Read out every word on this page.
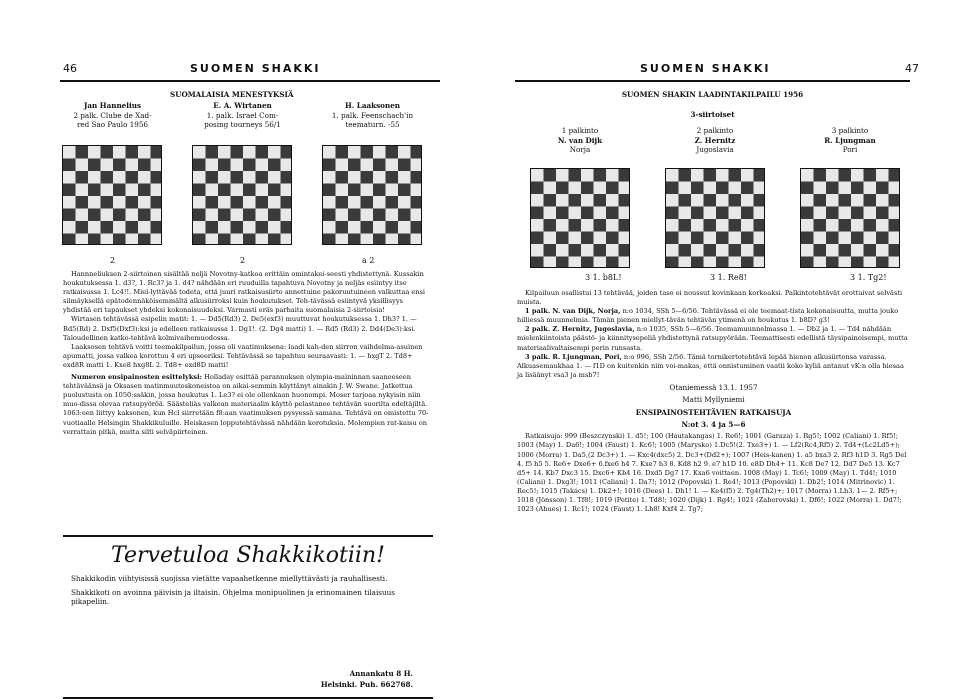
46	SUOMEN SHAKKI	SUOMEN SHAKKI	47
SUOMALAISIA MENESTYKSIÄ

Jan Hannelius

2 palk. Clube de Xad-

red Sao Paulo 1956

E. A. Wirtanen

1. palk. Israel Com-

posing tourneys 56/1

H. Laaksonen

1. palk. Feenschach'in

teematurn. -55

2	2	a 2

Hannneliuksen 2-siirtoinen sisältää neljä Novotny-katkoa erittäin omintakei-seesti yhdistettynä. Kussakin houkutuksessa 1. d3?, 1. Rc3? ja 1. d4? nähdään eri ruuduilla tapahtuva Novotny ja neljäs esiintyy itse ratkaisussa 1. Lc4!!. Miel-lyttävää todeta, että juuri ratkaisusiirto annettuine pakoruutuineen valkuttaa ensi silmäyksellä epätodennäköisemmältä alkusiirroksi kuin houkutukset. Teh-tävässä esiintyvä yksillisyys yhdistää eri tapaukset yhdeksi kokonaisuudeksi. Varmasti eräs parhaita suomalaisia 2-siirtoisia!

Wirtasen tehtävässä esipelin matit: 1. — Dd5(Rd3) 2. De5(exf3) muuttuvat houkutuksessa 1. Dh3? 1. — Rd5(Rd) 2. Dxf5(Dxf3):ksi ja edelleen ratkaisussa 1. Dg1!. (2. Dg4 matti) 1. — Rd5 (Rd3) 2. Dd4(De3):ksi. Taloudellinen katko-tehtävä kolmivaihemuodossa.

Laaksosen tehtävä voitti teemakilpailun, jossa oli vaatimuksena: laadi kah-den siirron vaihdelma-asuinen apumatti, jossa valkea korottuu 4 eri upseeriksi. Tehtävässä se tapahtuu seuraavasti: 1. — hxgT 2. Td8+ exd8R matti 1. Kxe8 hxg8L 2. Td8+ exd8D matti!

Numeron ensipainosten esittelyksi: Holladay esittää parannuksen olympia-maininnan saaneeseen tehtäväänsä ja Oksasen matinmuutoskoneistoa on aikai-semmin käyttänyt ainakin J. W. Swane. Jatkettua puolustusta on 1050:ssäkin, jossa houkutus 1. Le3? ei ole ollenkaan huonompi. Moser tarjoaa nykyisin niin muo-dissa olevaa ratsupyöröä. Säästeliäs valkean materiaalin käyttö pelastanee tehtävän suorilta edeltäjiltä. 1063:een liittyy kaksonen, kun Hcl siirretään f8:aan vaatimuksen pysyessä samana. Tehtävä on omistettu 70-vuotiaalle Helsingin Shakkikuluille. Heiskasen lopputehtävässä nähdään korotuksia. Molempien rat-kaisu on verrattain pitkä, mutta silti selväpiirteinen.

Tervetuloa Shakkikotiin!
Shakkikodin viihtyisissä suojissa vietätte vapaahetkenne miellyttävästi ja rauhallisesti.
Shakkikoti on avoinna päivisin ja iltaisin. Ohjelma monipuolinen ja erinomainen tilaisuus pikapeliin.
Annankatu 8 H.
Helsinki. Puh. 662768.
SUOMEN SHAKIN LAADINTAKILPAILU 1956
3-siirtoiset

1 palkinto

N. van Dijk

Norja

2 palkinto

Z. Hernitz

Jugoslavia

3 palkinto

R. Ljungman

Pori

3 1. b8L!	3 1. Re8!	3 1. Tg2!

Kilpailuun osallistui 13 tehtävää, joiden taso ei noussut kovinkaan korkeaksi. Palkintotehtävät erottuivat selvästi muista.

1 palk. N. van Dijk, Norja, n:o 1034, SSh 5—6/56. Tehtävässä ei ole teemaat-tista kokonaisuutta, mutta jouko hilliessä muunnelmia. Tämän pienen miellyt-tävän tehtävän ytimenä on houkutus 1. b8D? g3!

2 palk. Z. Hernitz, Jugoslavia, n:o 1035, SSh 5—6/56. Teemamuunnelmassa 1. — Db2 ja 1. — Td4 nähdään mielenkiintoista päästö- ja kiinnitysepeliä yhdistettynä ratsupyörään. Teemattisesti edellistä täysipainoisempi, mutta materiaalivaltaisempi perin runsasta.

3 palk. R. Ljungman, Pori, n:o 996, SSh 2/56. Tämä tornikertotehtävä lepää hienon alkusiirtonsa varassa. Alkuasemaukhaa 1. — f1D on kuitenkin niin voi-makas, että onnistuminen vaatii koko kyliä antanut vK:n olla hiesaa ja lisäänyt vsa3 ja msb7!

Otaniemessä 13.1. 1957

Matti Myllyniemi

ENSIPAINOSTEHTÄVIEN RATKAISUJA

N:ot 3. 4 ja 5—6

Ratkaisuja: 999 (Beszczynski) 1. d5!; 100 (Hautakangas) 1. Re6!; 1001 (Garaza) 1. Rg5!; 1002 (Caliani) 1. Rf5!; 1003 (May) 1. Da6!; 1004 (Faust) 1. Kc6!; 1005 (Marysko) 1.Dc5!(2. Txe3+) 1. — Lf2(Rc4,Rf5) 2. Td4+(Lc2Ld5+); 1006 (Morra) 1. Da5,(2 Dc3+) 1. — Kxc4(dxc5) 2. Dc3+(Dd2+); 1007 (Heis-kanen) 1. a5 bxa3 2. Rf3 h1D 3. Rg5 Del 4. f5 h5 5. Re6+ Dxe6+ 6.fxe6 h4 7. Kxe7 h3 8. Kd8 h2 9. e7 h1D 10. e8D Dh4+ 11. Kc8 De7 12. Dd7 De5 13. Kc7 d5+ 14. Kb7 Dxc3 15. Dxc6+ Kb4 16. Dxd5 Dg7 17. Kxa6 voittaen. 1008 (May) 1. Tc6!; 1009 (May) 1. Td4!; 1010 (Caliani) 1. Dxg3!; 1011 (Caliani) 1. Da7!; 1012 (Popovski) 1. Re4!; 1013 (Popovski) 1. Db2!; 1014 (Mitrinovic) 1. Rec5!; 1015 (Takács) 1. Dk2+!; 1016 (Dees) 1. Dh1! 1. — Ke4(f5) 2. Tg4(Th2)+; 1017 (Morra) 1.Lh3. 1— 2. Rf5+; 1018 (Jönsson) 1. Tf8!; 1019 (Petite) 1. Td8!; 1020 (Dijk) 1. Rg4!; 1021 (Zaborovski) 1. Df6!; 1022 (Morra) 1. Dd7!; 1023 (Ahues) 1. Rc1!; 1024 (Faust) 1. Lh8! Kxf4 2. Tg7;
